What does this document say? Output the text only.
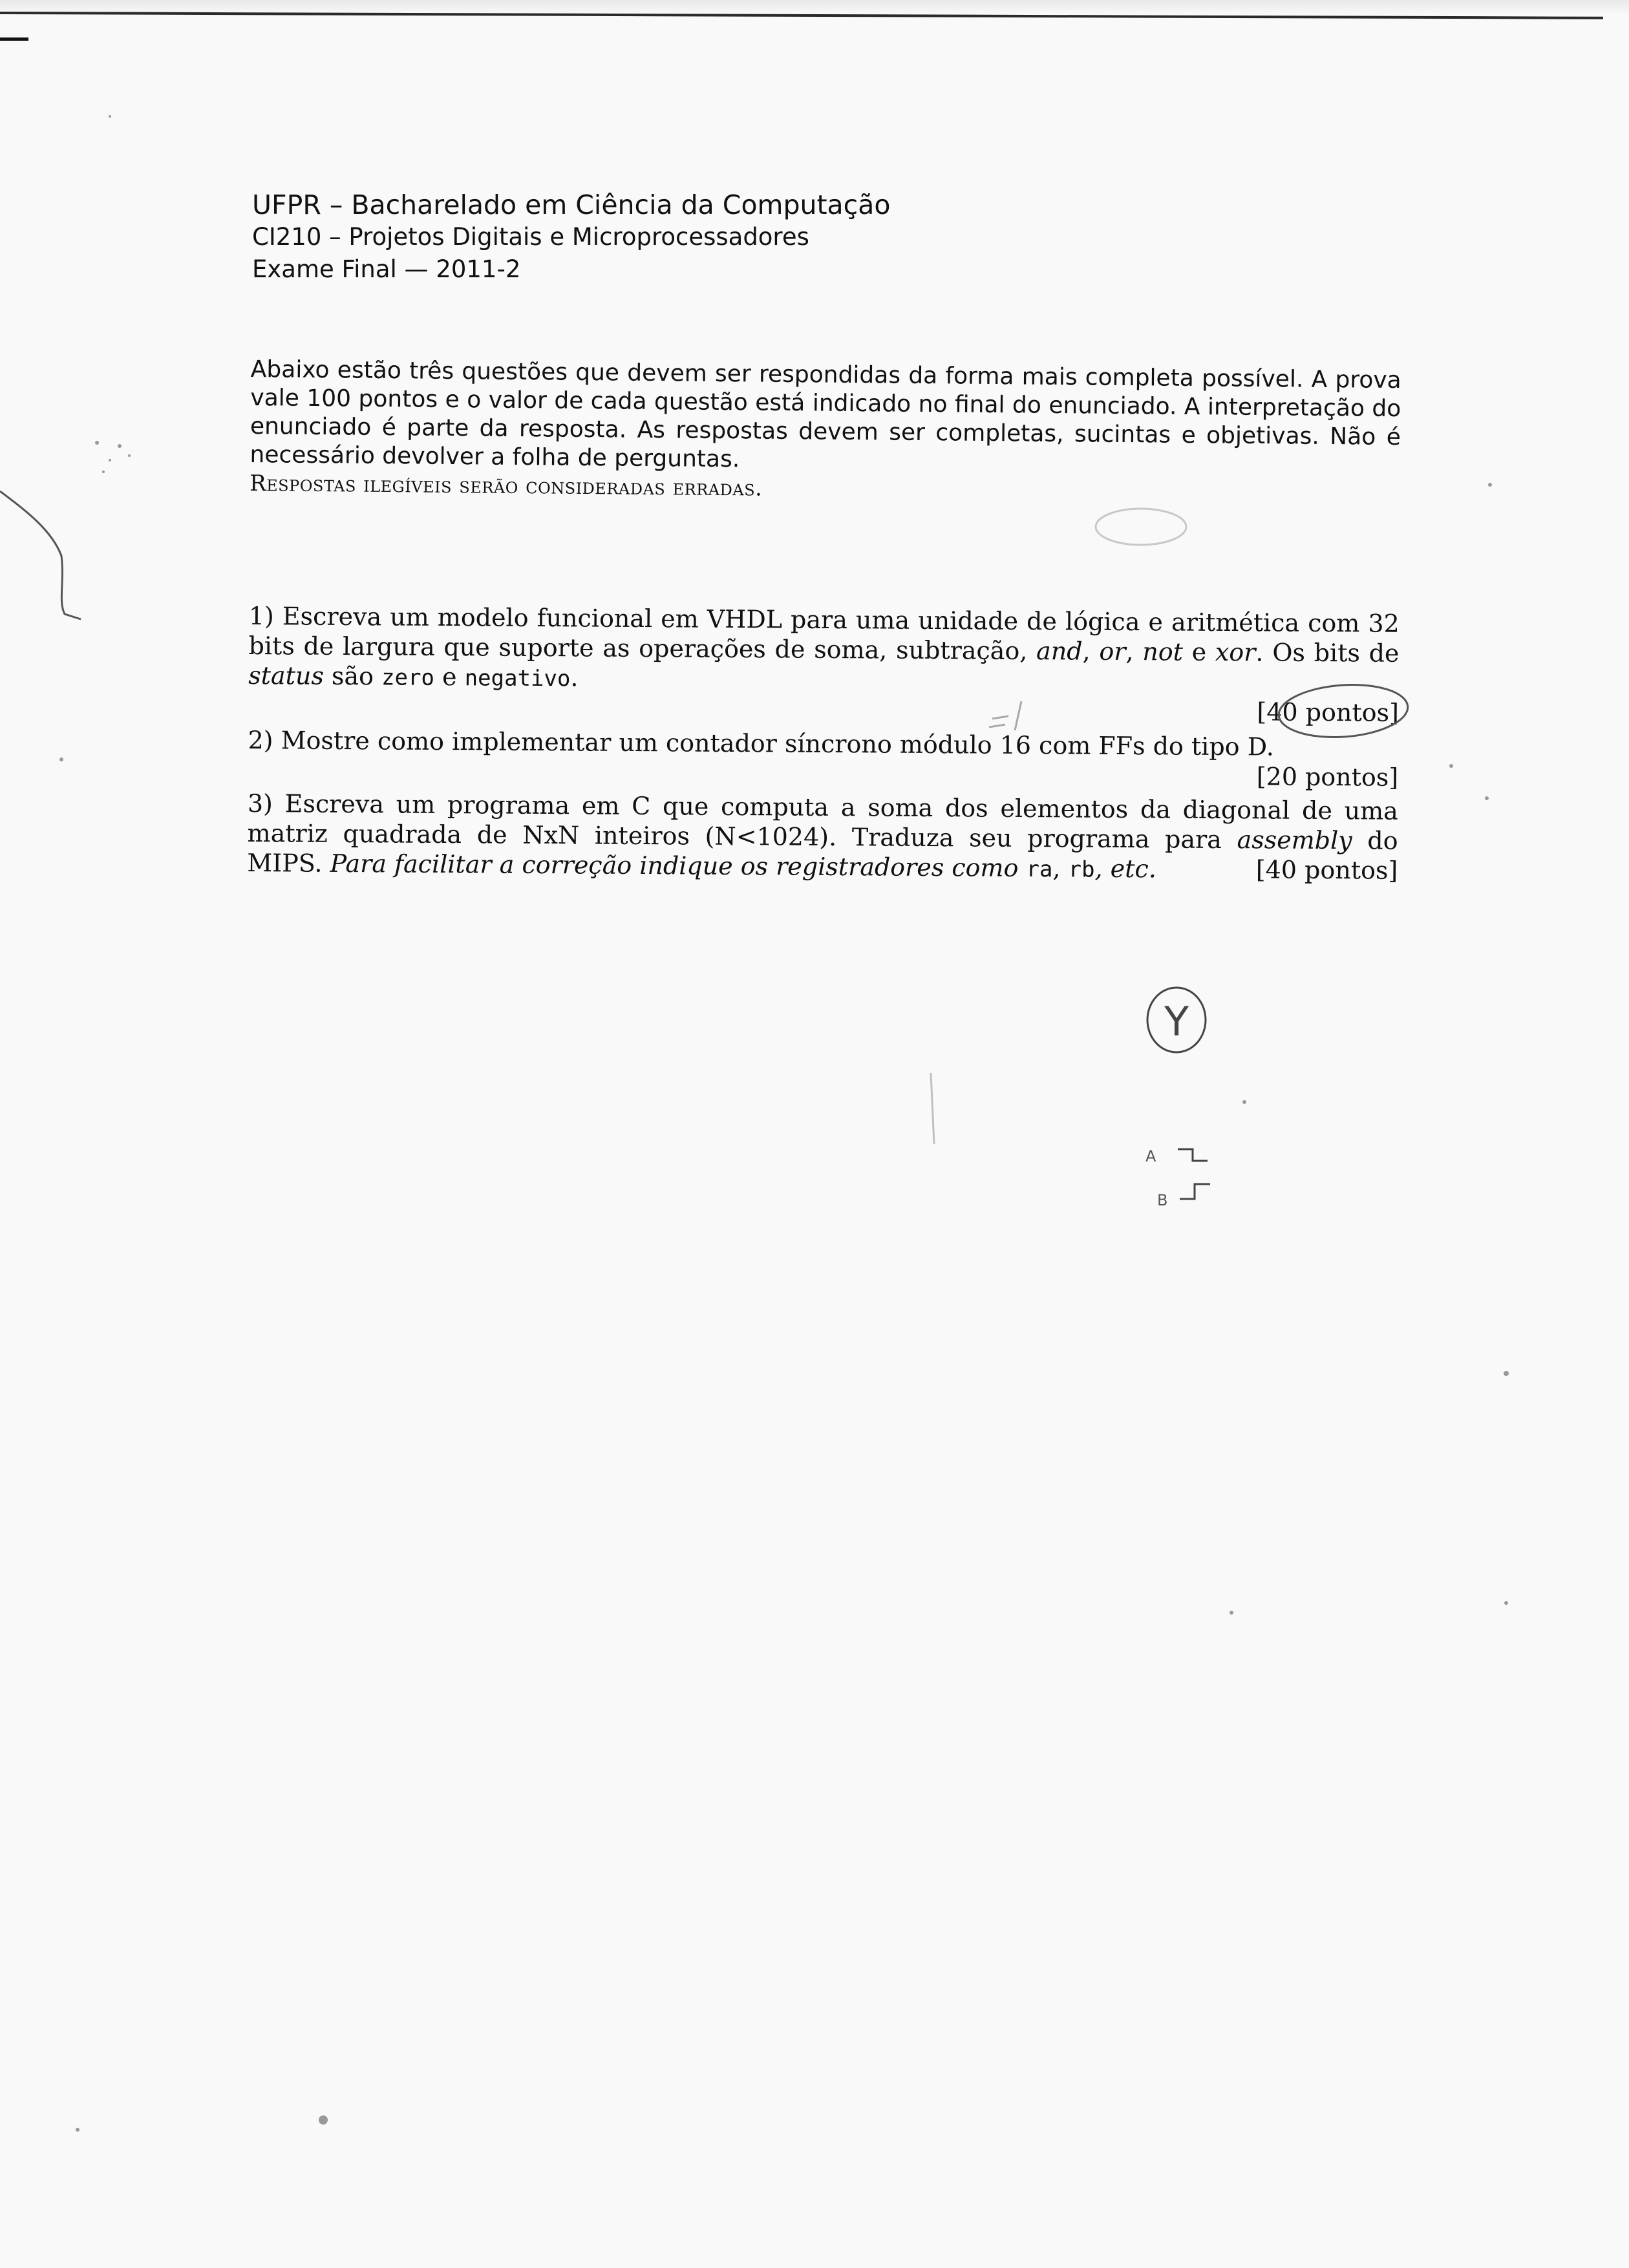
UFPR – Bacharelado em Ciência da Computação
CI210 – Projetos Digitais e Microprocessadores
Exame Final — 2011-2

Abaixo estão três questões que devem ser respondidas da forma mais completa possível. A prova vale 100 pontos e o valor de cada questão está indicado no final do enunciado. A interpretação do enunciado é parte da resposta. As respostas devem ser completas, sucintas e objetivas. Não é necessário devolver a folha de perguntas.

Respostas ilegíveis serão consideradas erradas.

1) Escreva um modelo funcional em VHDL para uma unidade de lógica e aritmética com 32 bits de largura que suporte as operações de soma, subtração, and, or, not e xor. Os bits de status são zero e negativo.
[40 pontos]

2) Mostre como implementar um contador síncrono módulo 16 com FFs do tipo D.
[20 pontos]

3) Escreva um programa em C que computa a soma dos elementos da diagonal de uma matriz quadrada de NxN inteiros (N<1024). Traduza seu programa para assembly do MIPS. Para facilitar a correção indique os registradores como ra, rb, etc.	[40 pontos]

Y
A
B
